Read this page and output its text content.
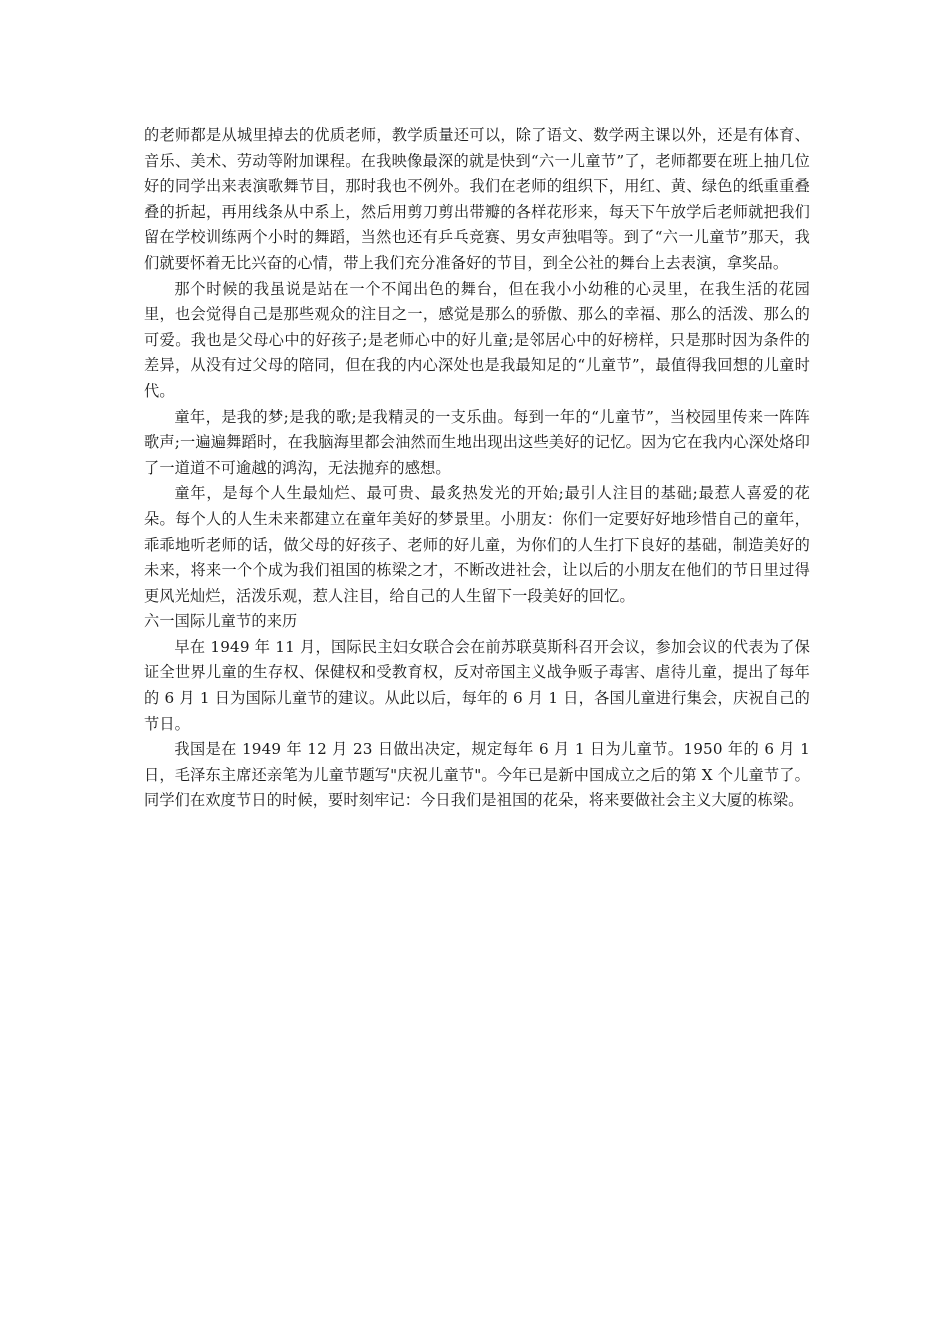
的老师都是从城里掉去的优质老师，教学质量还可以，除了语文、数学两主课以外，还是有体育、音乐、美术、劳动等附加课程。在我映像最深的就是快到“六一儿童节”了，老师都要在班上抽几位好的同学出来表演歌舞节目，那时我也不例外。我们在老师的组织下，用红、黄、绿色的纸重重叠叠的折起，再用线条从中系上，然后用剪刀剪出带瓣的各样花形来，每天下午放学后老师就把我们留在学校训练两个小时的舞蹈，当然也还有乒乓竞赛、男女声独唱等。到了“六一儿童节”那天，我们就要怀着无比兴奋的心情，带上我们充分准备好的节目，到全公社的舞台上去表演，拿奖品。

那个时候的我虽说是站在一个不闻出色的舞台，但在我小小幼稚的心灵里，在我生活的花园里，也会觉得自己是那些观众的注目之一，感觉是那么的骄傲、那么的幸福、那么的活泼、那么的可爱。我也是父母心中的好孩子;是老师心中的好儿童;是邻居心中的好榜样，只是那时因为条件的差异，从没有过父母的陪同，但在我的内心深处也是我最知足的“儿童节”，最值得我回想的儿童时代。

童年，是我的梦;是我的歌;是我精灵的一支乐曲。每到一年的“儿童节”，当校园里传来一阵阵歌声;一遍遍舞蹈时，在我脑海里都会油然而生地出现出这些美好的记忆。因为它在我内心深处烙印了一道道不可逾越的鸿沟，无法抛弃的感想。

童年，是每个人生最灿烂、最可贵、最炙热发光的开始;最引人注目的基础;最惹人喜爱的花朵。每个人的人生未来都建立在童年美好的梦景里。小朋友：你们一定要好好地珍惜自己的童年，乖乖地听老师的话，做父母的好孩子、老师的好儿童，为你们的人生打下良好的基础，制造美好的未来，将来一个个成为我们祖国的栋梁之才，不断改进社会，让以后的小朋友在他们的节日里过得更风光灿烂，活泼乐观，惹人注目，给自己的人生留下一段美好的回忆。

六一国际儿童节的来历

早在 1949 年 11 月，国际民主妇女联合会在前苏联莫斯科召开会议，参加会议的代表为了保证全世界儿童的生存权、保健权和受教育权，反对帝国主义战争贩子毒害、虐待儿童，提出了每年的 6 月 1 日为国际儿童节的建议。从此以后，每年的 6 月 1 日，各国儿童进行集会，庆祝自己的节日。

我国是在 1949 年 12 月 23 日做出决定，规定每年 6 月 1 日为儿童节。1950 年的 6 月 1 日，毛泽东主席还亲笔为儿童节题写"庆祝儿童节"。今年已是新中国成立之后的第 X 个儿童节了。同学们在欢度节日的时候，要时刻牢记：今日我们是祖国的花朵，将来要做社会主义大厦的栋梁。
